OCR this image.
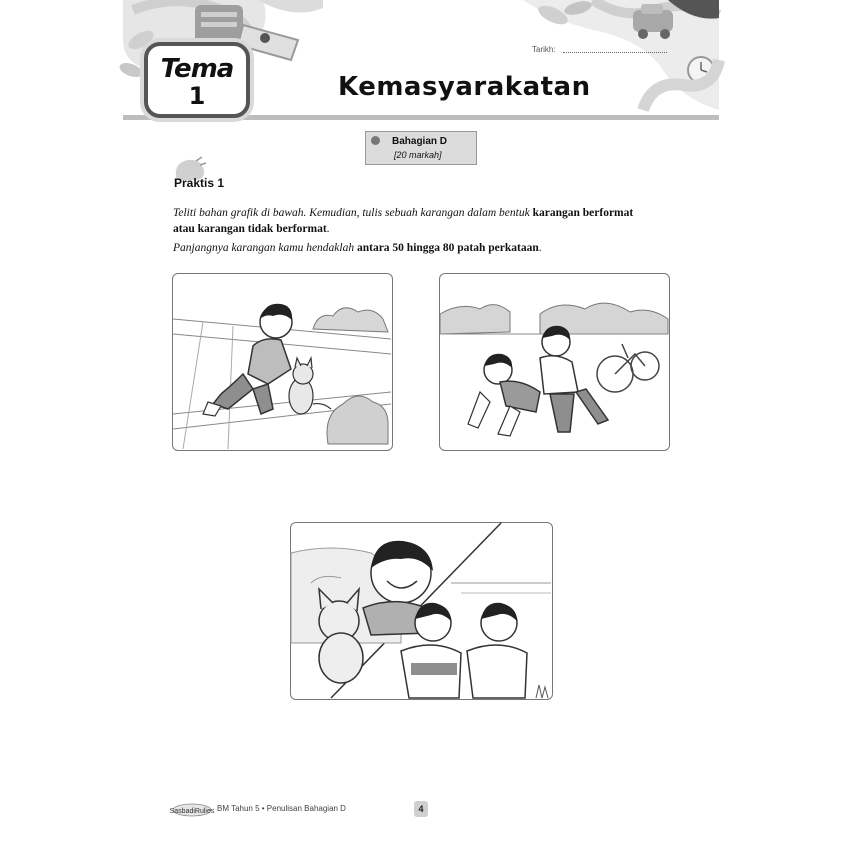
Tema
1	Kemasyarakatan
Tarikh:
Bahagian D
[20 markah]
Praktis 1
Teliti bahan grafik di bawah. Kemudian, tulis sebuah karangan dalam bentuk karangan berformat
atau karangan tidak berformat.
Panjangnya karangan kamu hendaklah antara 50 hingga 80 patah perkataan.
SasbadiRulies BM Tahun 5 • Penulisan Bahagian D	4
